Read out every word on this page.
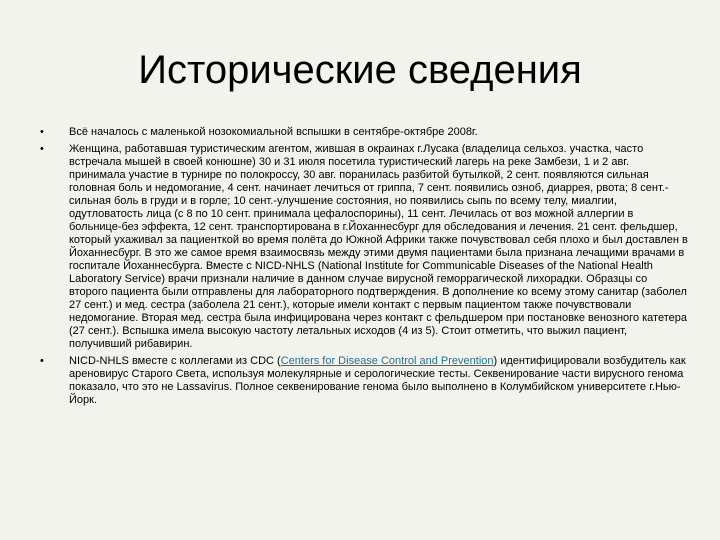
Исторические сведения
•	Всё началось с маленькой нозокомиальной вспышки в сентябре-октябре 2008г.
•	Женщина, работавшая туристическим агентом, жившая в окраинах г.Лусака (владелица сельхоз. участка, часто встречала мышей в своей конюшне) 30 и 31 июля посетила туристический лагерь на реке Замбези, 1 и 2 авг. принимала участие в турнире по полокроссу, 30 авг. поранилась разбитой бутылкой, 2 сент. появляются сильная головная боль и недомогание, 4 сент. начинает лечиться от гриппа, 7 сент. появились озноб, диаррея, рвота; 8 сент.-сильная боль в груди и в горле; 10 сент.-улучшение состояния, но появились сыпь по всему телу, миалгии, одутловатость лица (с 8 по 10 сент. принимала цефалоспорины), 11 сент. Лечилась от воз можной аллергии в больнице-без эффекта, 12 сент. транспортирована в г.Йоханнесбург для обследования и лечения. 21 сент. фельдшер, который ухаживал за пациенткой во время полёта до Южной Африки также почувствовал себя плохо и был доставлен в Йоханнесбург. В это же самое время взаимосвязь между этими двумя пациентами была признана лечащими врачами в госпитале Йоханнесбурга. Вместе с NICD-NHLS (National Institute for Communicable Diseases of the National Health Laboratory Service) врачи признали наличие в данном случае вирусной геморрагической лихорадки. Образцы со второго пациента были отправлены для лабораторного подтверждения. В дополнение ко всему этому санитар (заболел 27 сент.) и мед. сестра (заболела 21 сент.), которые имели контакт с первым пациентом также почувствовали недомогание. Вторая мед. сестра была инфицирована через контакт с фельдшером при постановке венозного катетера (27 сент.). Вспышка имела высокую частоту летальных исходов (4 из 5). Стоит отметить, что выжил пациент, получивший рибавирин.
•	NICD-NHLS вместе с коллегами из CDC (Centers for Disease Control and Prevention) идентифицировали возбудитель как ареновирус Старого Света, используя молекулярные и серологические тесты. Секвенирование части вирусного генома показало, что это не Lassavirus. Полное секвенирование генома было выполнено в Колумбийском университете г.Нью-Йорк.
